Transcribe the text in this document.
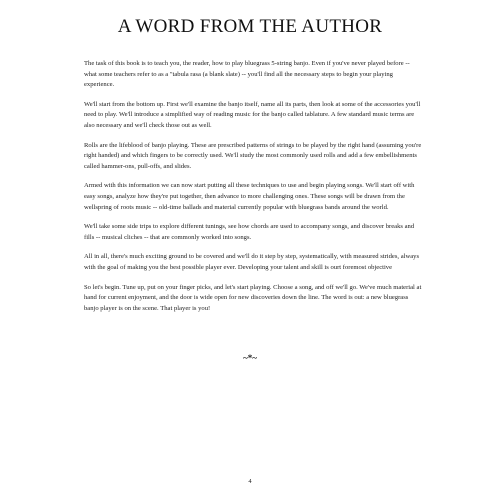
A WORD FROM THE AUTHOR

The task of this book is to teach you, the reader, how to play bluegrass 5-string banjo. Even if you've never played before -- what some teachers refer to as a "tabula rasa (a blank slate) -- you'll find all the necessary steps to begin your playing experience.

We'll start from the bottom up. First we'll examine the banjo itself, name all its parts, then look at some of the accessories you'll need to play. We'll introduce a simplified way of reading music for the banjo called tablature. A few standard music terms are also necessary and we'll check those out as well.

Rolls are the lifeblood of banjo playing. These are prescribed patterns of strings to be played by the right hand (assuming you're right handed) and which fingers to be correctly used. We'll study the most commonly used rolls and add a few embellishments called hammer-ons, pull-offs, and slides.

Armed with this information we can now start putting all these techniques to use and begin playing songs. We'll start off with easy songs, analyze how they're put together, then advance to more challenging ones. These songs will be drawn from the wellspring of roots music -- old-time ballads and material currently popular with bluegrass bands around the world.

We'll take some side trips to explore different tunings, see how chords are used to accompany songs, and discover breaks and fills -- musical cliches -- that are commonly worked into songs.

All in all, there's much exciting ground to be covered and we'll do it step by step, systematically, with measured strides, always with the goal of making you the best possible player ever. Developing your talent and skill is ourt foremost objective

So let's begin. Tune up, put on your finger picks, and let's start playing. Choose a song, and off we'll go. We've much material at hand for current enjoyment, and the door is wide open for new discoveries down the line. The word is out: a new bluegrass banjo player is on the scene. That player is you!

~*~
4
